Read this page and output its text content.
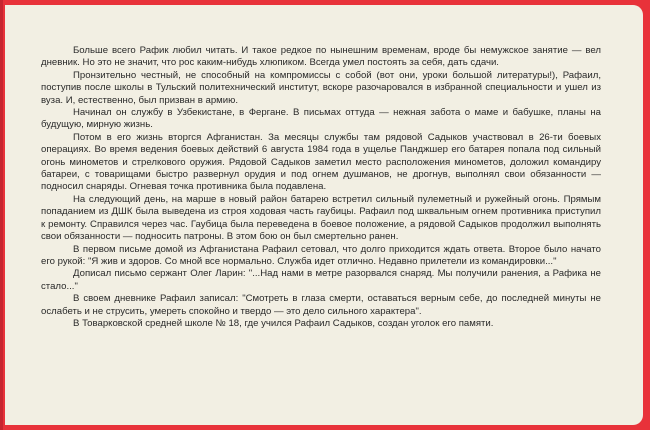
Больше всего Рафик любил читать. И такое редкое по нынешним временам, вроде бы немужское занятие — вел дневник. Но это не значит, что рос каким-нибудь хлюпиком. Всегда умел постоять за себя, дать сдачи.

Пронзительно честный, не способный на компромиссы с собой (вот они, уроки большой литературы!), Рафаил, поступив после школы в Тульский политехнический институт, вскоре разочаровался в избранной специальности и ушел из вуза. И, естественно, был призван в армию.

Начинал он службу в Узбекистане, в Фергане. В письмах оттуда — нежная забота о маме и бабушке, планы на будущую, мирную жизнь.

Потом в его жизнь вторгся Афганистан. За месяцы службы там рядовой Садыков участвовал в 26-ти боевых операциях. Во время ведения боевых действий 6 августа 1984 года в ущелье Панджшер его батарея попала под сильный огонь минометов и стрелкового оружия. Рядовой Садыков заметил место расположения минометов, доложил командиру батареи, с товарищами быстро развернул орудия и под огнем душманов, не дрогнув, выполнял свои обязанности — подносил снаряды. Огневая точка противника была подавлена.

На следующий день, на марше в новый район батарею встретил сильный пулеметный и ружейный огонь. Прямым попаданием из ДШК была выведена из строя ходовая часть гаубицы. Рафаил под шквальным огнем противника приступил к ремонту. Справился через час. Гаубица была переведена в боевое положение, а рядовой Садыков продолжил выполнять свои обязанности — подносить патроны. В этом бою он был смертельно ранен.

В первом письме домой из Афганистана Рафаил сетовал, что долго приходится ждать ответа. Второе было начато его рукой: "Я жив и здоров. Со мной все нормально. Служба идет отлично. Недавно прилетели из командировки..."

Дописал письмо сержант Олег Ларин: "...Над нами в метре разорвался снаряд. Мы получили ранения, а Рафика не стало..."

В своем дневнике Рафаил записал: "Смотреть в глаза смерти, оставаться верным себе, до последней минуты не ослабеть и не струсить, умереть спокойно и твердо — это дело сильного характера".

В Товарковской средней школе № 18, где учился Рафаил Садыков, создан уголок его памяти.
